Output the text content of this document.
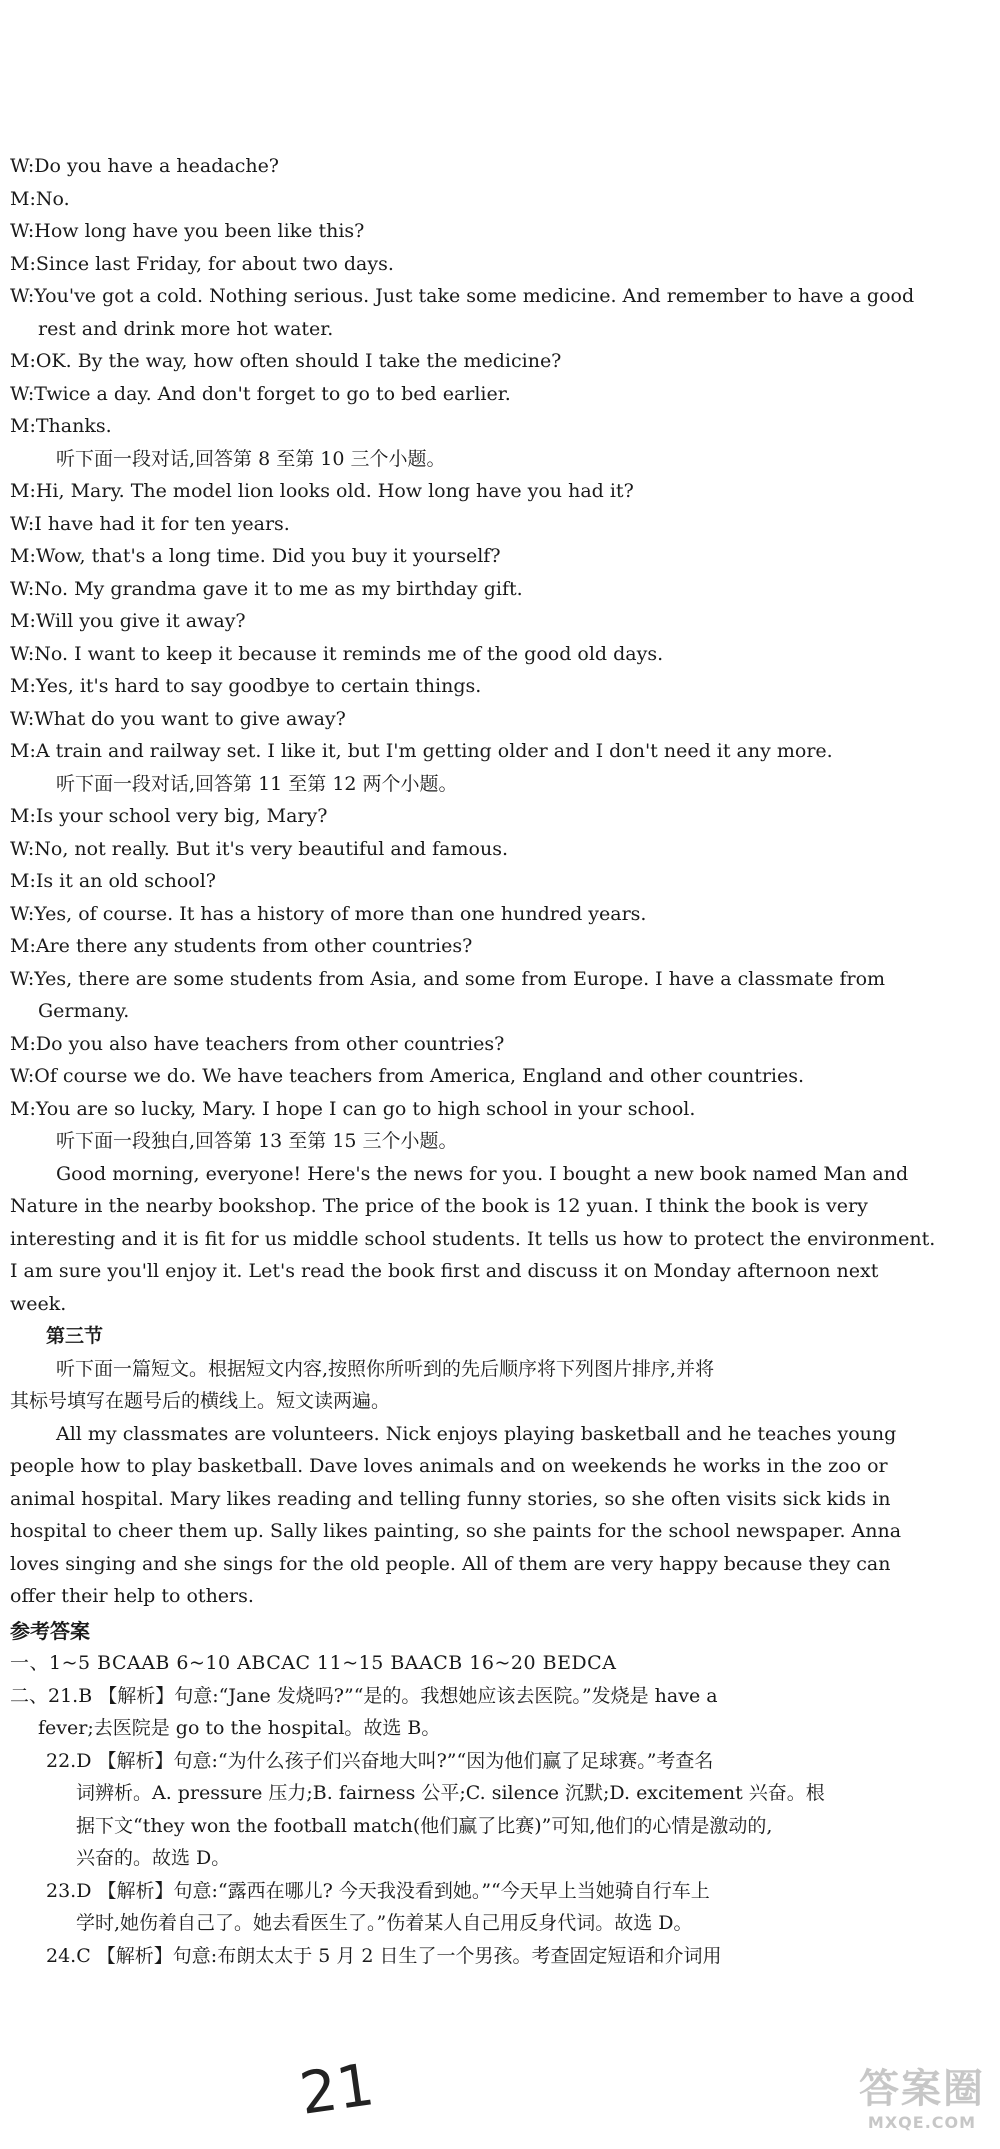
W:Do you have a headache?
M:No.
W:How long have you been like this?
M:Since last Friday, for about two days.
W:You've got a cold. Nothing serious. Just take some medicine. And remember to have a good
rest and drink more hot water.
M:OK. By the way, how often should I take the medicine?
W:Twice a day. And don't forget to go to bed earlier.
M:Thanks.
听下面一段对话,回答第 8 至第 10 三个小题。
M:Hi, Mary. The model lion looks old. How long have you had it?
W:I have had it for ten years.
M:Wow, that's a long time. Did you buy it yourself?
W:No. My grandma gave it to me as my birthday gift.
M:Will you give it away?
W:No. I want to keep it because it reminds me of the good old days.
M:Yes, it's hard to say goodbye to certain things.
W:What do you want to give away?
M:A train and railway set. I like it, but I'm getting older and I don't need it any more.
听下面一段对话,回答第 11 至第 12 两个小题。
M:Is your school very big, Mary?
W:No, not really. But it's very beautiful and famous.
M:Is it an old school?
W:Yes, of course. It has a history of more than one hundred years.
M:Are there any students from other countries?
W:Yes, there are some students from Asia, and some from Europe. I have a classmate from
Germany.
M:Do you also have teachers from other countries?
W:Of course we do. We have teachers from America, England and other countries.
M:You are so lucky, Mary. I hope I can go to high school in your school.
听下面一段独白,回答第 13 至第 15 三个小题。
Good morning, everyone! Here's the news for you. I bought a new book named Man and
Nature in the nearby bookshop. The price of the book is 12 yuan. I think the book is very
interesting and it is fit for us middle school students. It tells us how to protect the environment.
I am sure you'll enjoy it. Let's read the book first and discuss it on Monday afternoon next
week.
第三节
听下面一篇短文。根据短文内容,按照你所听到的先后顺序将下列图片排序,并将
其标号填写在题号后的横线上。短文读两遍。
All my classmates are volunteers. Nick enjoys playing basketball and he teaches young
people how to play basketball. Dave loves animals and on weekends he works in the zoo or
animal hospital. Mary likes reading and telling funny stories, so she often visits sick kids in
hospital to cheer them up. Sally likes painting, so she paints for the school newspaper. Anna
loves singing and she sings for the old people. All of them are very happy because they can
offer their help to others.
参考答案
一、1~5 BCAAB 6~10 ABCAC 11~15 BAACB 16~20 BEDCA
二、21.B 【解析】句意:“Jane 发烧吗?”“是的。我想她应该去医院。”发烧是 have a
fever;去医院是 go to the hospital。故选 B。
22.D 【解析】句意:“为什么孩子们兴奋地大叫?”“因为他们赢了足球赛。”考查名
词辨析。A. pressure 压力;B. fairness 公平;C. silence 沉默;D. excitement 兴奋。根
据下文“they won the football match(他们赢了比赛)”可知,他们的心情是激动的,
兴奋的。故选 D。
23.D 【解析】句意:“露西在哪儿? 今天我没看到她。”“今天早上当她骑自行车上
学时,她伤着自己了。她去看医生了。”伤着某人自己用反身代词。故选 D。
24.C 【解析】句意:布朗太太于 5 月 2 日生了一个男孩。考查固定短语和介词用
21	答案圈
MXQE.COM
